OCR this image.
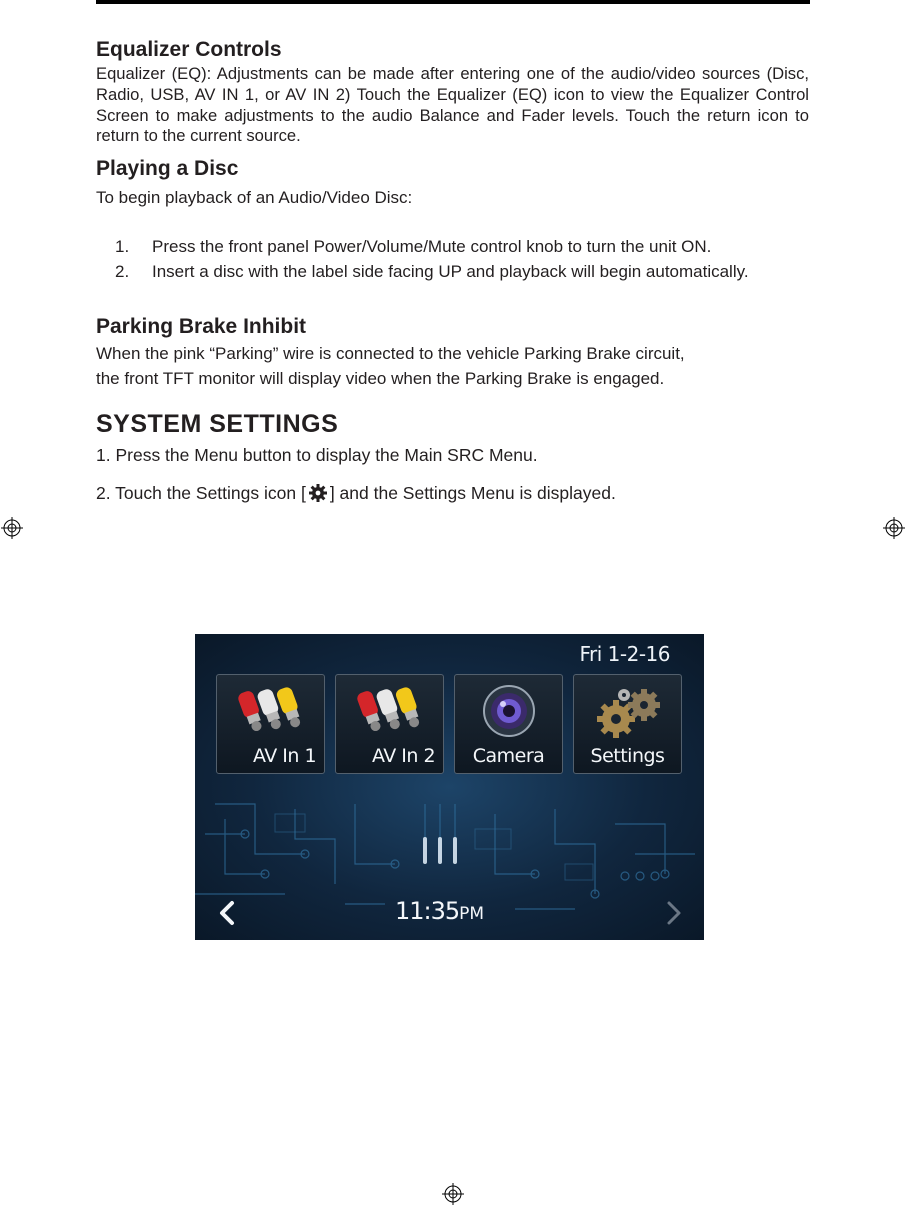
Equalizer Controls

Equalizer (EQ): Adjustments can be made after entering one of the audio/video sources (Disc, Radio, USB, AV IN 1, or AV IN 2) Touch the Equalizer (EQ) icon to view the Equalizer Control Screen to make adjustments to the audio Balance and Fader levels. Touch the return icon to return to the current source.

Playing a Disc

To begin playback of an Audio/Video Disc:

1. Press the front panel Power/Volume/Mute control knob to turn the unit ON.
2. Insert a disc with the label side facing UP and playback will begin automatically.
Parking Brake Inhibit

When the pink “Parking” wire is connected to the vehicle Parking Brake circuit,

the front TFT monitor will display video when the Parking Brake is engaged.

SYSTEM SETTINGS

1. Press the Menu button to display the Main SRC Menu.

2. Touch the Settings icon [ ] and the Settings Menu is displayed.

Fri 1-2-16
AV In 1	AV In 2	Camera	Settings
11:35PM
